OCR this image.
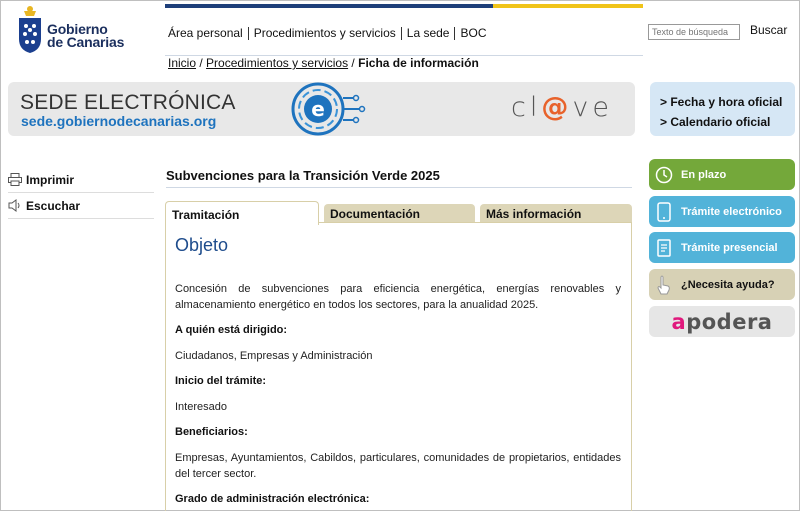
Gobierno
de Canarias
Área personal Procedimientos y servicios La sede BOC
Texto de búsqueda	Buscar
Inicio / Procedimientos y servicios / Ficha de información
SEDE ELECTRÓNICA
sede.gobiernodecanarias.org	e	cl@ve	> Fecha y hora oficial
> Calendario oficial
Imprimir
Escuchar
Subvenciones para la Transición Verde 2025
Tramitación	Documentación	Más información
Objeto

Concesión de subvenciones para eficiencia energética, energías renovables y almacenamiento energético en todos los sectores, para la anualidad 2025.

A quién está dirigido:

Ciudadanos, Empresas y Administración

Inicio del trámite:

Interesado

Beneficiarios:

Empresas, Ayuntamientos, Cabildos, particulares, comunidades de propietarios, entidades del tercer sector.

Grado de administración electrónica:
En plazo
Trámite electrónico
Trámite presencial
¿Necesita ayuda?
apodera
